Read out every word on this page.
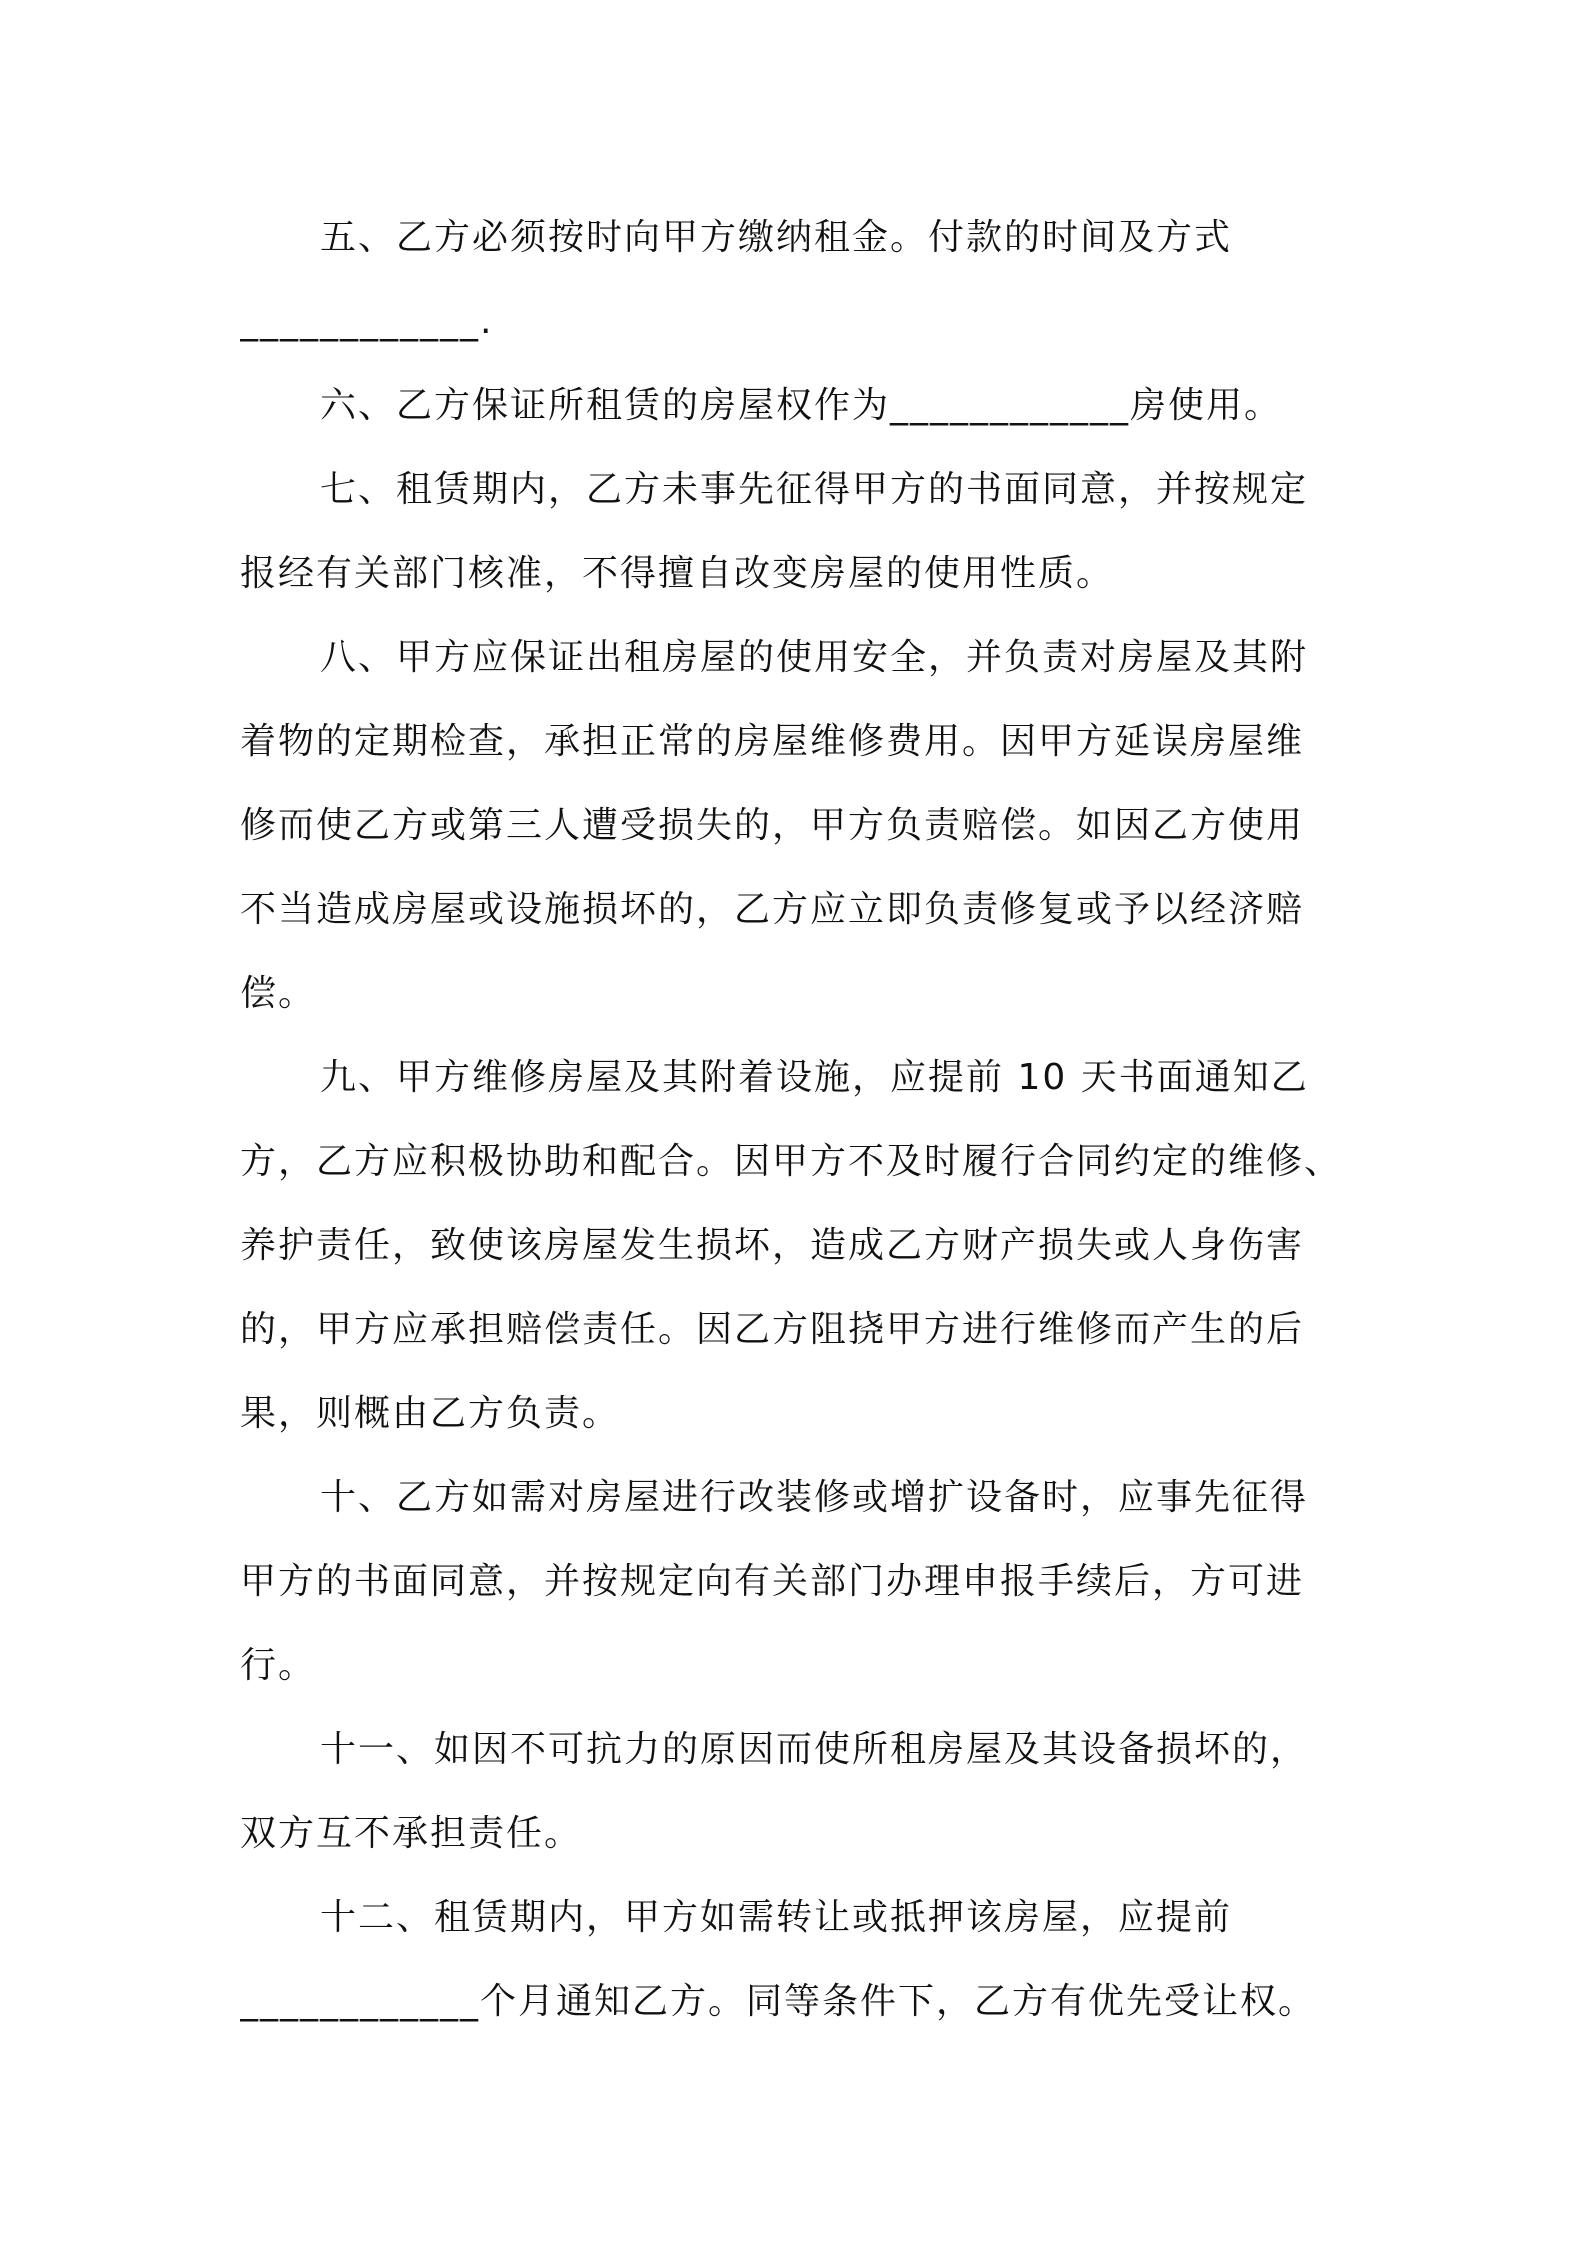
五、乙方必须按时向甲方缴纳租金。付款的时间及方式
____________.
六、乙方保证所租赁的房屋权作为____________房使用。
七、租赁期内，乙方未事先征得甲方的书面同意，并按规定
报经有关部门核准，不得擅自改变房屋的使用性质。
八、甲方应保证出租房屋的使用安全，并负责对房屋及其附
着物的定期检查，承担正常的房屋维修费用。因甲方延误房屋维
修而使乙方或第三人遭受损失的，甲方负责赔偿。如因乙方使用
不当造成房屋或设施损坏的，乙方应立即负责修复或予以经济赔
偿。
九、甲方维修房屋及其附着设施，应提前 10 天书面通知乙
方，乙方应积极协助和配合。因甲方不及时履行合同约定的维修、
养护责任，致使该房屋发生损坏，造成乙方财产损失或人身伤害
的，甲方应承担赔偿责任。因乙方阻挠甲方进行维修而产生的后
果，则概由乙方负责。
十、乙方如需对房屋进行改装修或增扩设备时，应事先征得
甲方的书面同意，并按规定向有关部门办理申报手续后，方可进
行。
十一、如因不可抗力的原因而使所租房屋及其设备损坏的，
双方互不承担责任。
十二、租赁期内，甲方如需转让或抵押该房屋，应提前
____________个月通知乙方。同等条件下，乙方有优先受让权。
